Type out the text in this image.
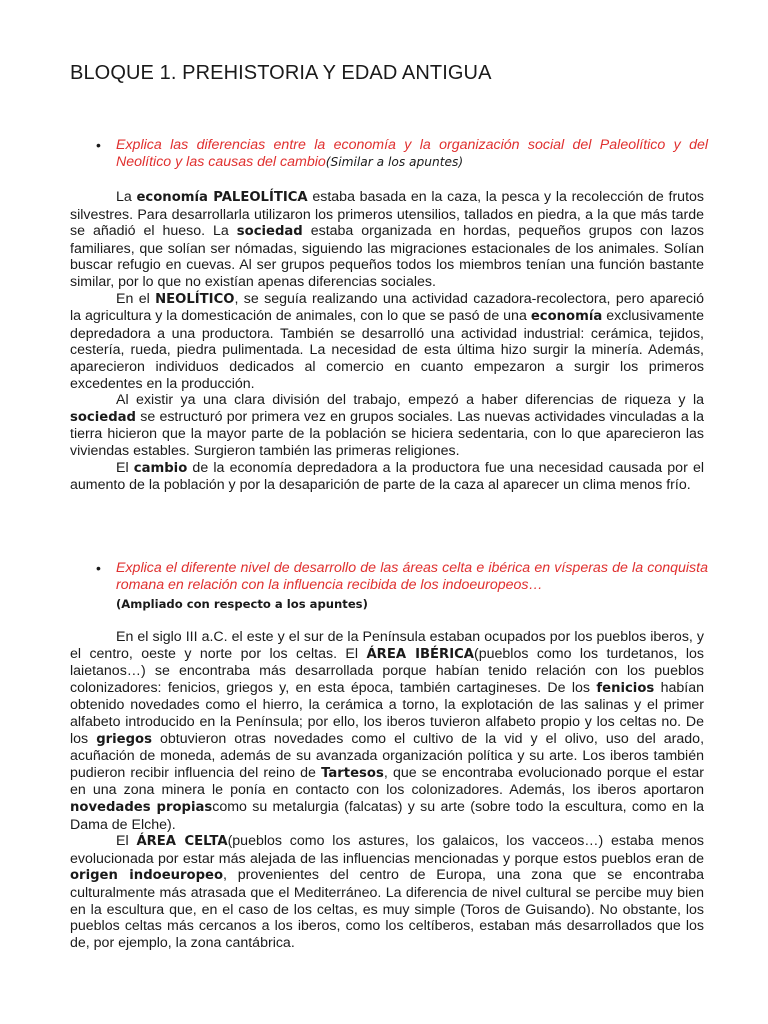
BLOQUE 1. PREHISTORIA Y EDAD ANTIGUA
• Explica las diferencias entre la economía y la organización social del Paleolítico y del Neolítico y las causas del cambio(Similar a los apuntes)

La economía PALEOLÍTICA estaba basada en la caza, la pesca y la recolección de frutos silvestres. Para desarrollarla utilizaron los primeros utensilios, tallados en piedra, a la que más tarde se añadió el hueso. La sociedad estaba organizada en hordas, pequeños grupos con lazos familiares, que solían ser nómadas, siguiendo las migraciones estacionales de los animales. Solían buscar refugio en cuevas. Al ser grupos pequeños todos los miembros tenían una función bastante similar, por lo que no existían apenas diferencias sociales.

En el NEOLÍTICO, se seguía realizando una actividad cazadora-recolectora, pero apareció la agricultura y la domesticación de animales, con lo que se pasó de una economía exclusivamente depredadora a una productora. También se desarrolló una actividad industrial: cerámica, tejidos, cestería, rueda, piedra pulimentada. La necesidad de esta última hizo surgir la minería. Además, aparecieron individuos dedicados al comercio en cuanto empezaron a surgir los primeros excedentes en la producción.

Al existir ya una clara división del trabajo, empezó a haber diferencias de riqueza y la sociedad se estructuró por primera vez en grupos sociales. Las nuevas actividades vinculadas a la tierra hicieron que la mayor parte de la población se hiciera sedentaria, con lo que aparecieron las viviendas estables. Surgieron también las primeras religiones.

El cambio de la economía depredadora a la productora fue una necesidad causada por el aumento de la población y por la desaparición de parte de la caza al aparecer un clima menos frío.

• Explica el diferente nivel de desarrollo de las áreas celta e ibérica en vísperas de la conquista romana en relación con la influencia recibida de los indoeuropeos…
(Ampliado con respecto a los apuntes)

En el siglo III a.C. el este y el sur de la Península estaban ocupados por los pueblos iberos, y el centro, oeste y norte por los celtas. El ÁREA IBÉRICA(pueblos como los turdetanos, los laietanos…) se encontraba más desarrollada porque habían tenido relación con los pueblos colonizadores: fenicios, griegos y, en esta época, también cartagineses. De los fenicios habían obtenido novedades como el hierro, la cerámica a torno, la explotación de las salinas y el primer alfabeto introducido en la Península; por ello, los iberos tuvieron alfabeto propio y los celtas no. De los griegos obtuvieron otras novedades como el cultivo de la vid y el olivo, uso del arado, acuñación de moneda, además de su avanzada organización política y su arte. Los iberos también pudieron recibir influencia del reino de Tartesos, que se encontraba evolucionado porque el estar en una zona minera le ponía en contacto con los colonizadores. Además, los iberos aportaron novedades propiascomo su metalurgia (falcatas) y su arte (sobre todo la escultura, como en la Dama de Elche).

El ÁREA CELTA(pueblos como los astures, los galaicos, los vacceos…) estaba menos evolucionada por estar más alejada de las influencias mencionadas y porque estos pueblos eran de origen indoeuropeo, provenientes del centro de Europa, una zona que se encontraba culturalmente más atrasada que el Mediterráneo. La diferencia de nivel cultural se percibe muy bien en la escultura que, en el caso de los celtas, es muy simple (Toros de Guisando). No obstante, los pueblos celtas más cercanos a los iberos, como los celtíberos, estaban más desarrollados que los de, por ejemplo, la zona cantábrica.
